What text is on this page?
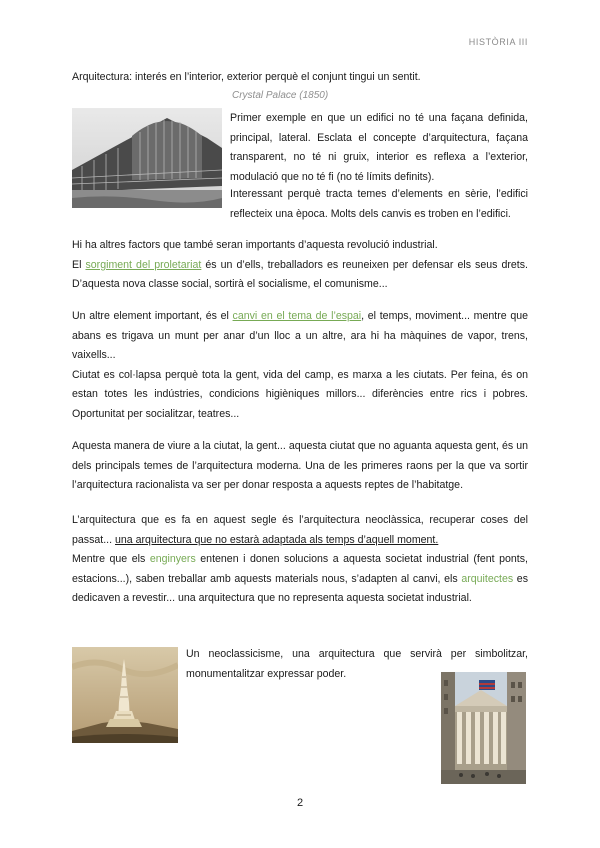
HISTÒRIA III

Arquitectura: interés en l’interior, exterior perquè el conjunt tingui un sentit.

Crystal Palace (1850)

Primer exemple en que un edifici no té una façana definida, principal, lateral. Esclata el concepte d’arquitectura, façana transparent, no té ni gruix, interior es reflexa a l’exterior, modulació que no té fi (no té límits definits).

Interessant perquè tracta temes d’elements en sèrie, l’edifici reflecteix una època. Molts dels canvis es troben en l’edifici.

Hi ha altres factors que també seran importants d’aquesta revolució industrial.
El sorgiment del proletariat és un d’ells, treballadors es reuneixen per defensar els seus drets. D’aquesta nova classe social, sortirà el socialisme, el comunisme...

Un altre element important, és el canvi en el tema de l’espai, el temps, moviment... mentre que abans es trigava un munt per anar d’un lloc a un altre, ara hi ha màquines de vapor, trens, vaixells...
Ciutat es col·lapsa perquè tota la gent, vida del camp, es marxa a les ciutats. Per feina, és on estan totes les indústries, condicions higièniques millors... diferències entre rics i pobres. Oportunitat per socialitzar, teatres...

Aquesta manera de viure a la ciutat, la gent... aquesta ciutat que no aguanta aquesta gent, és un dels principals temes de l’arquitectura moderna. Una de les primeres raons per la que va sortir l’arquitectura racionalista va ser per donar resposta a aquests reptes de l’habitatge.

L’arquitectura que es fa en aquest segle és l’arquitectura neoclàssica, recuperar coses del passat... una arquitectura que no estarà adaptada als temps d’aquell moment.
Mentre que els enginyers entenen i donen solucions a aquesta societat industrial (fent ponts, estacions...), saben treballar amb aquests materials nous, s’adapten al canvi, els arquitectes es dedicaven a revestir... una arquitectura que no representa aquesta societat industrial.

Un neoclassicisme, una arquitectura que servirà per simbolitzar, monumentalitzar expressar poder.

2
